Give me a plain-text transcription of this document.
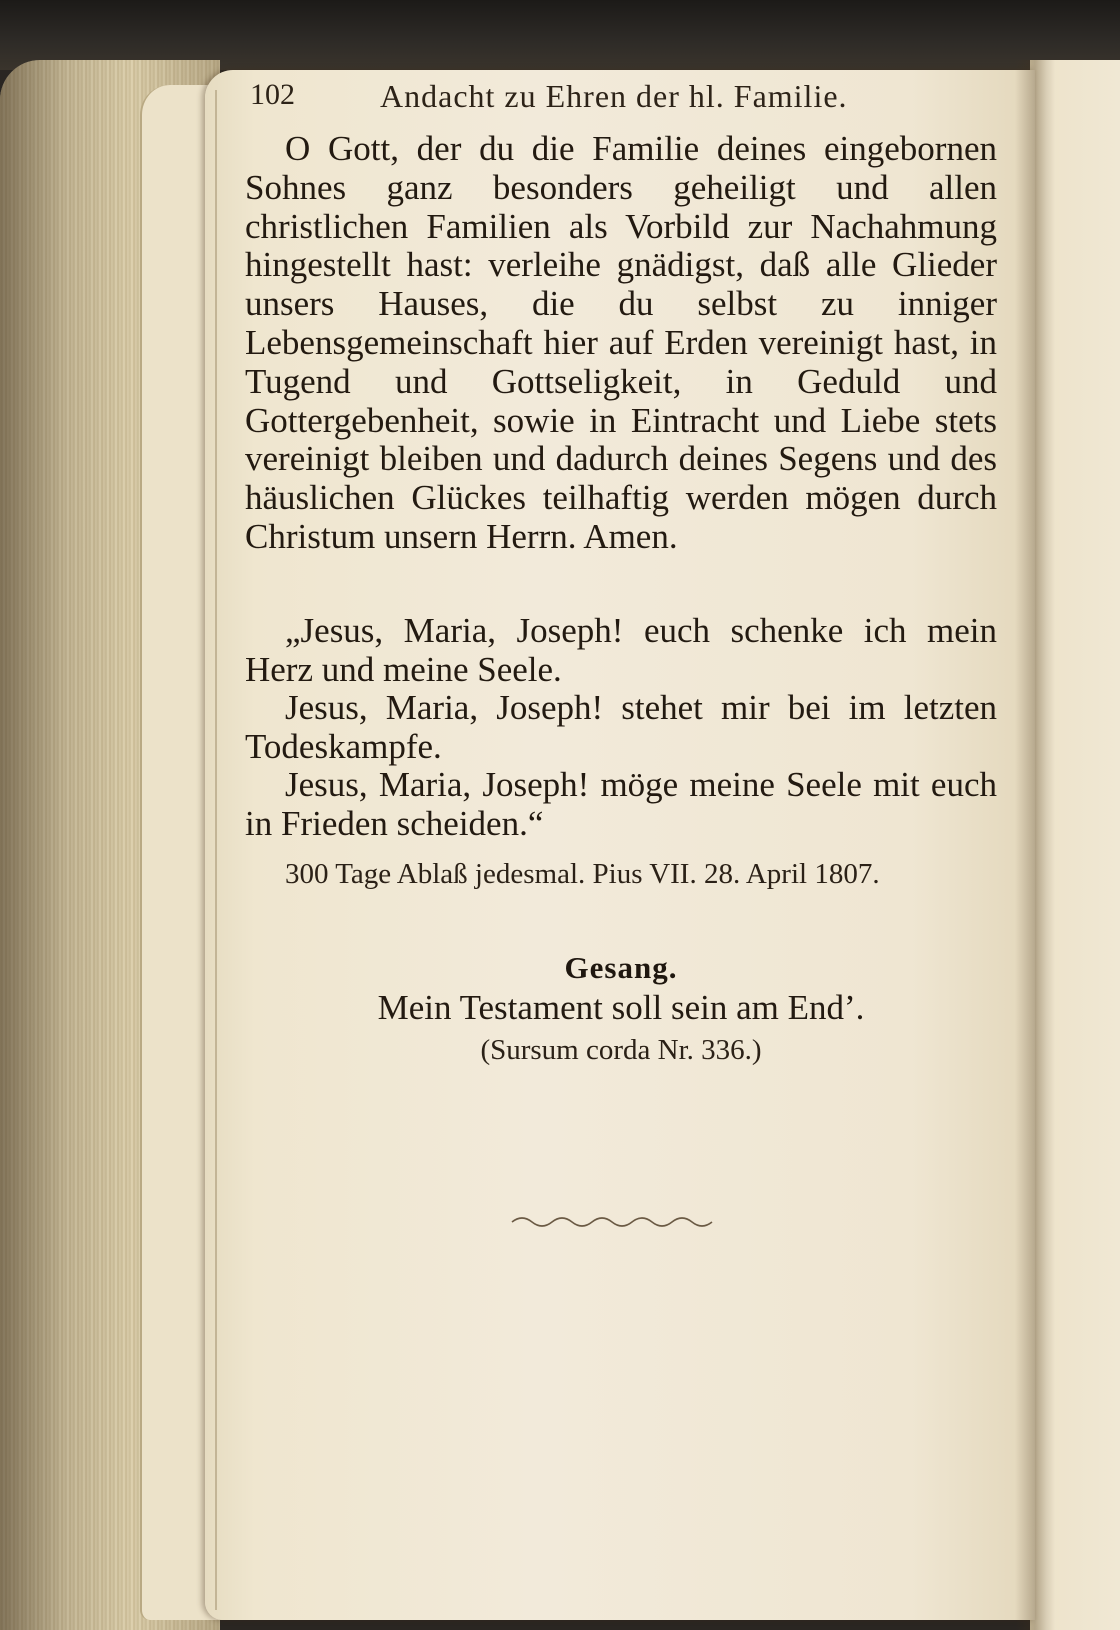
102	Andacht zu Ehren der hl. Familie.

O Gott, der du die Familie deines eingebornen Sohnes ganz besonders geheiligt und allen christlichen Familien als Vorbild zur Nachahmung hingestellt hast: verleihe gnädigst, daß alle Glieder unsers Hauses, die du selbst zu inniger Lebensgemeinschaft hier auf Erden vereinigt hast, in Tugend und Gottseligkeit, in Geduld und Gottergebenheit, sowie in Eintracht und Liebe stets vereinigt bleiben und dadurch deines Segens und des häuslichen Glückes teilhaftig werden mögen durch Christum unsern Herrn. Amen.

„Jesus, Maria, Joseph! euch schenke ich mein Herz und meine Seele.

Jesus, Maria, Joseph! stehet mir bei im letzten Todeskampfe.

Jesus, Maria, Joseph! möge meine Seele mit euch in Frieden scheiden.“

300 Tage Ablaß jedesmal. Pius VII. 28. April 1807.

Gesang.
Mein Testament soll sein am End’.
(Sursum corda Nr. 336.)
